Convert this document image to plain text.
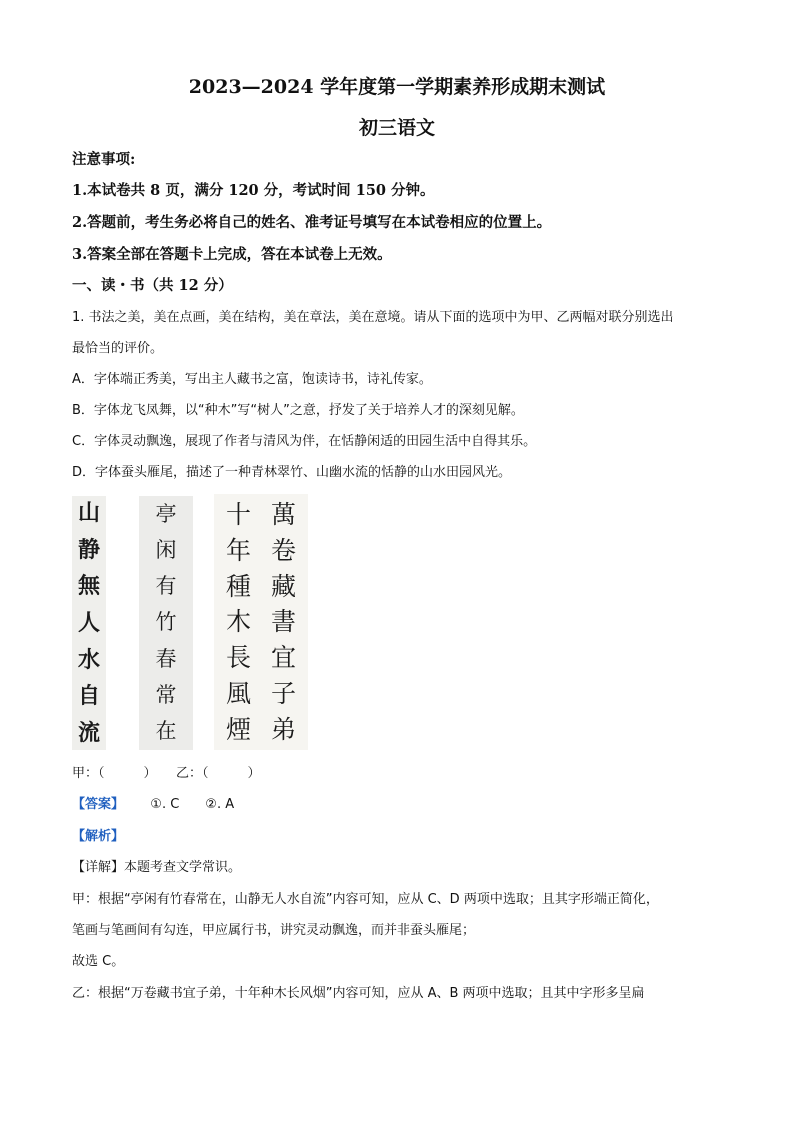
2023—2024 学年度第一学期素养形成期末测试
初三语文
注意事项:
1.本试卷共 8 页，满分 120 分，考试时间 150 分钟。
2.答题前，考生务必将自己的姓名、准考证号填写在本试卷相应的位置上。
3.答案全部在答题卡上完成，答在本试卷上无效。
一、读・书（共 12 分）
1. 书法之美，美在点画，美在结构，美在章法，美在意境。请从下面的选项中为甲、乙两幅对联分别选出
最恰当的评价。
A．字体端正秀美，写出主人藏书之富，饱读诗书，诗礼传家。
B．字体龙飞凤舞，以“种木”写“树人”之意，抒发了关于培养人才的深刻见解。
C．字体灵动飘逸，展现了作者与清风为伴，在恬静闲适的田园生活中自得其乐。
D．字体蚕头雁尾，描述了一种青林翠竹、山幽水流的恬静的山水田园风光。
山
静
無
人
水
自
流
亭
闲
有
竹
春
常
在
萬
卷
藏
書
宜
子
弟
十
年
種
木
長
風
煙
甲：（　　　）　　乙：（　　　）
【答案】 ①. C　　②. A
【解析】
【详解】本题考查文学常识。
甲：根据“亭闲有竹春常在，山静无人水自流”内容可知，应从 C、D 两项中选取；且其字形端正简化，
笔画与笔画间有勾连，甲应属行书，讲究灵动飘逸，而并非蚕头雁尾；
故选 C。
乙：根据“万卷藏书宜子弟，十年种木长风烟”内容可知，应从 A、B 两项中选取；且其中字形多呈扁
